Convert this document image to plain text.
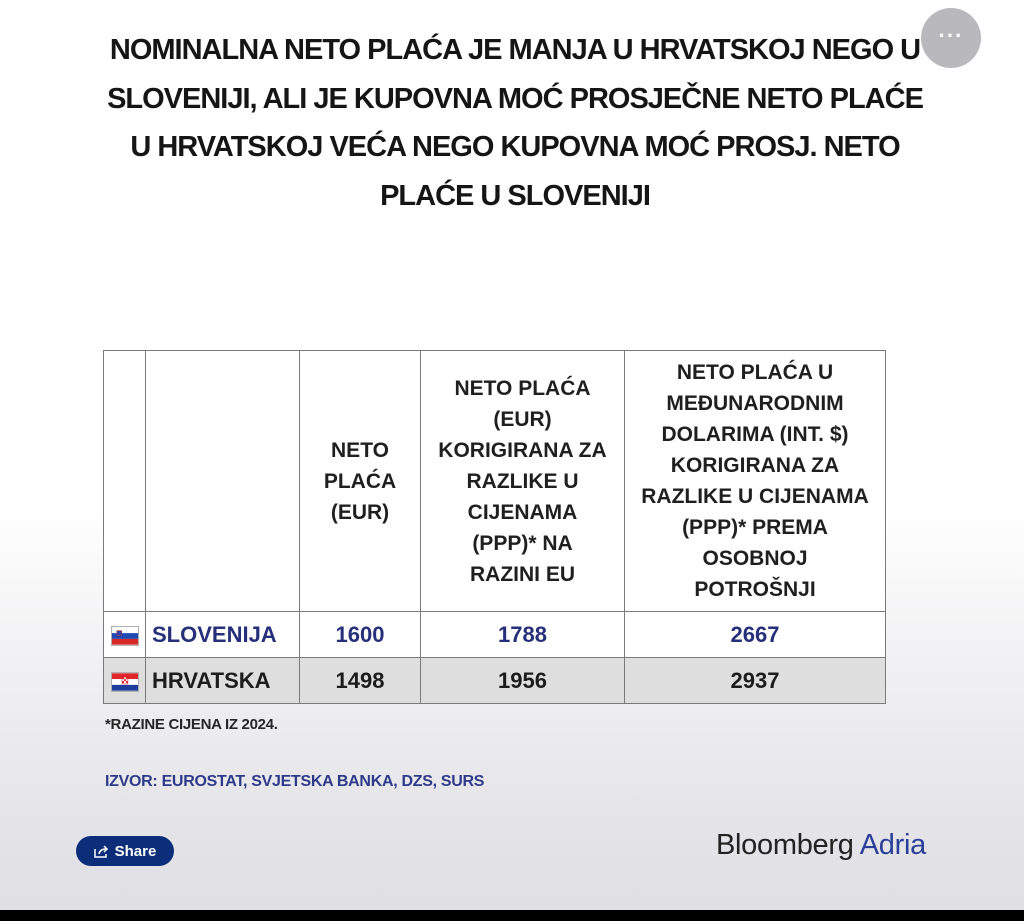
···
NOMINALNA NETO PLAĆA JE MANJA U HRVATSKOJ NEGO U SLOVENIJI, ALI JE KUPOVNA MOĆ PROSJEČNE NETO PLAĆE U HRVATSKOJ VEĆA NEGO KUPOVNA MOĆ PROSJ. NETO PLAĆE U SLOVENIJI
		NETO PLAĆA (EUR)	NETO PLAĆA (EUR) KORIGIRANA ZA RAZLIKE U CIJENAMA (PPP)* NA RAZINI EU	NETO PLAĆA U MEĐUNARODNIM DOLARIMA (INT. $) KORIGIRANA ZA RAZLIKE U CIJENAMA (PPP)* PREMA OSOBNOJ POTROŠNJI
	SLOVENIJA	1600	1788	2667
	HRVATSKA	1498	1956	2937
*RAZINE CIJENA IZ 2024.
IZVOR: EUROSTAT, SVJETSKA BANKA, DZS, SURS
Share	Bloomberg Adria
